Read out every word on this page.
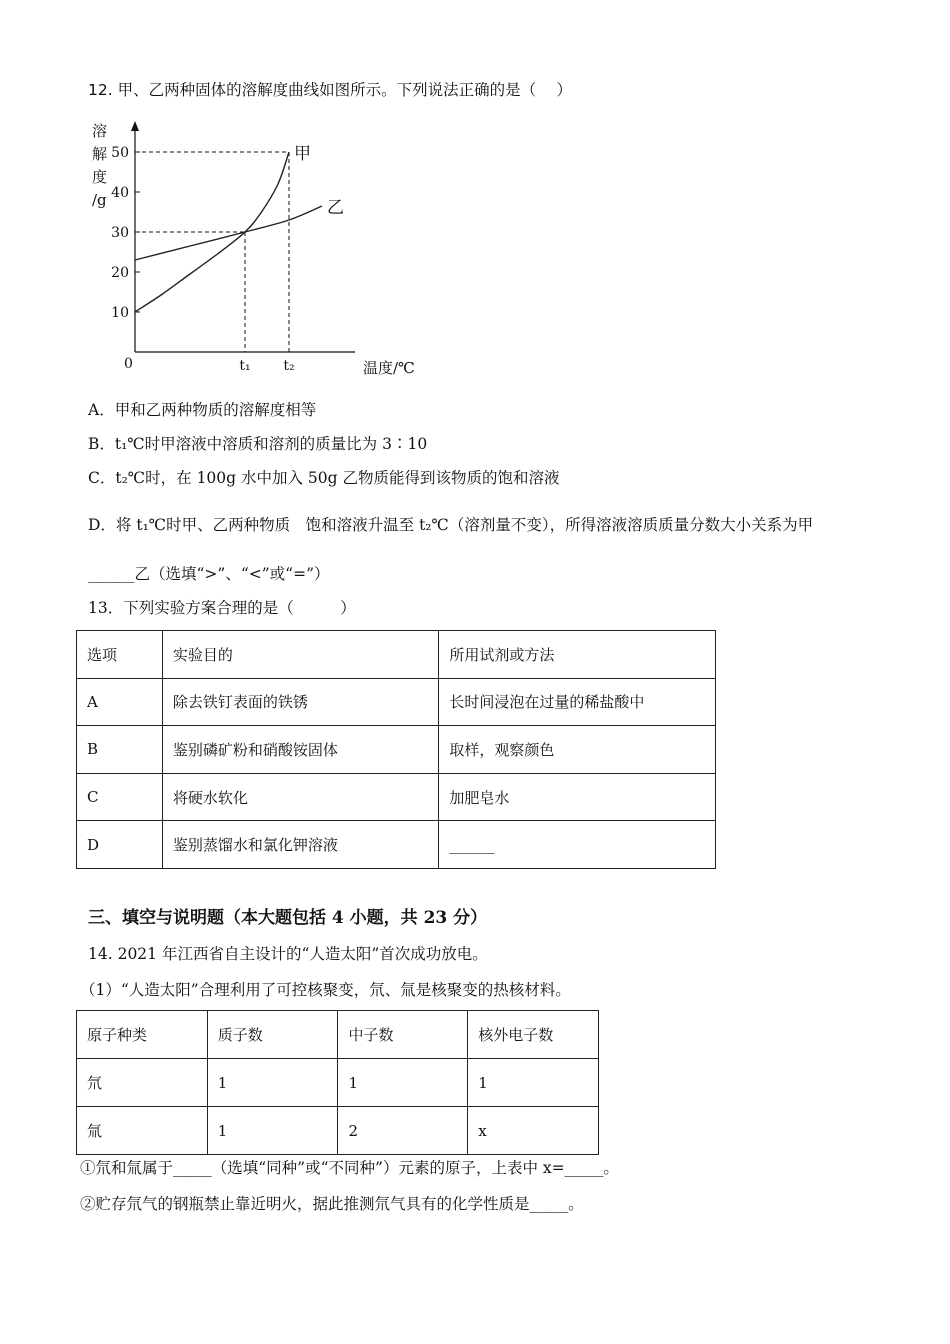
12. 甲、乙两种固体的溶解度曲线如图所示。下列说法正确的是（　 ）
溶
解
度
/g
0	温度/℃
10
20
30
40
50
t₁ t₂
甲
乙
A．甲和乙两种物质的溶解度相等
B．t₁℃时甲溶液中溶质和溶剂的质量比为 3∶10
C．t₂℃时，在 100g 水中加入 50g 乙物质能得到该物质的饱和溶液
D．将 t₁℃时甲、乙两种物质　饱和溶液升温至 t₂℃（溶剂量不变），所得溶液溶质质量分数大小关系为甲
______乙（选填“>”、“<”或“=”）
13．下列实验方案合理的是（　　　）
选项	实验目的	所用试剂或方法
A	除去铁钉表面的铁锈	长时间浸泡在过量的稀盐酸中
B	鉴别磷矿粉和硝酸铵固体	取样，观察颜色
C	将硬水软化	加肥皂水
D	鉴别蒸馏水和氯化钾溶液	______
三、填空与说明题（本大题包括 4 小题，共 23 分）
14. 2021 年江西省自主设计的“人造太阳”首次成功放电。
（1）“人造太阳”合理利用了可控核聚变，氘、氚是核聚变的热核材料。
原子种类	质子数	中子数	核外电子数
氘	1	1	1
氚	1	2	x
①氘和氚属于_____（选填“同种”或“不同种”）元素的原子，上表中 x=_____。
②贮存氘气的钢瓶禁止靠近明火，据此推测氘气具有的化学性质是_____。
